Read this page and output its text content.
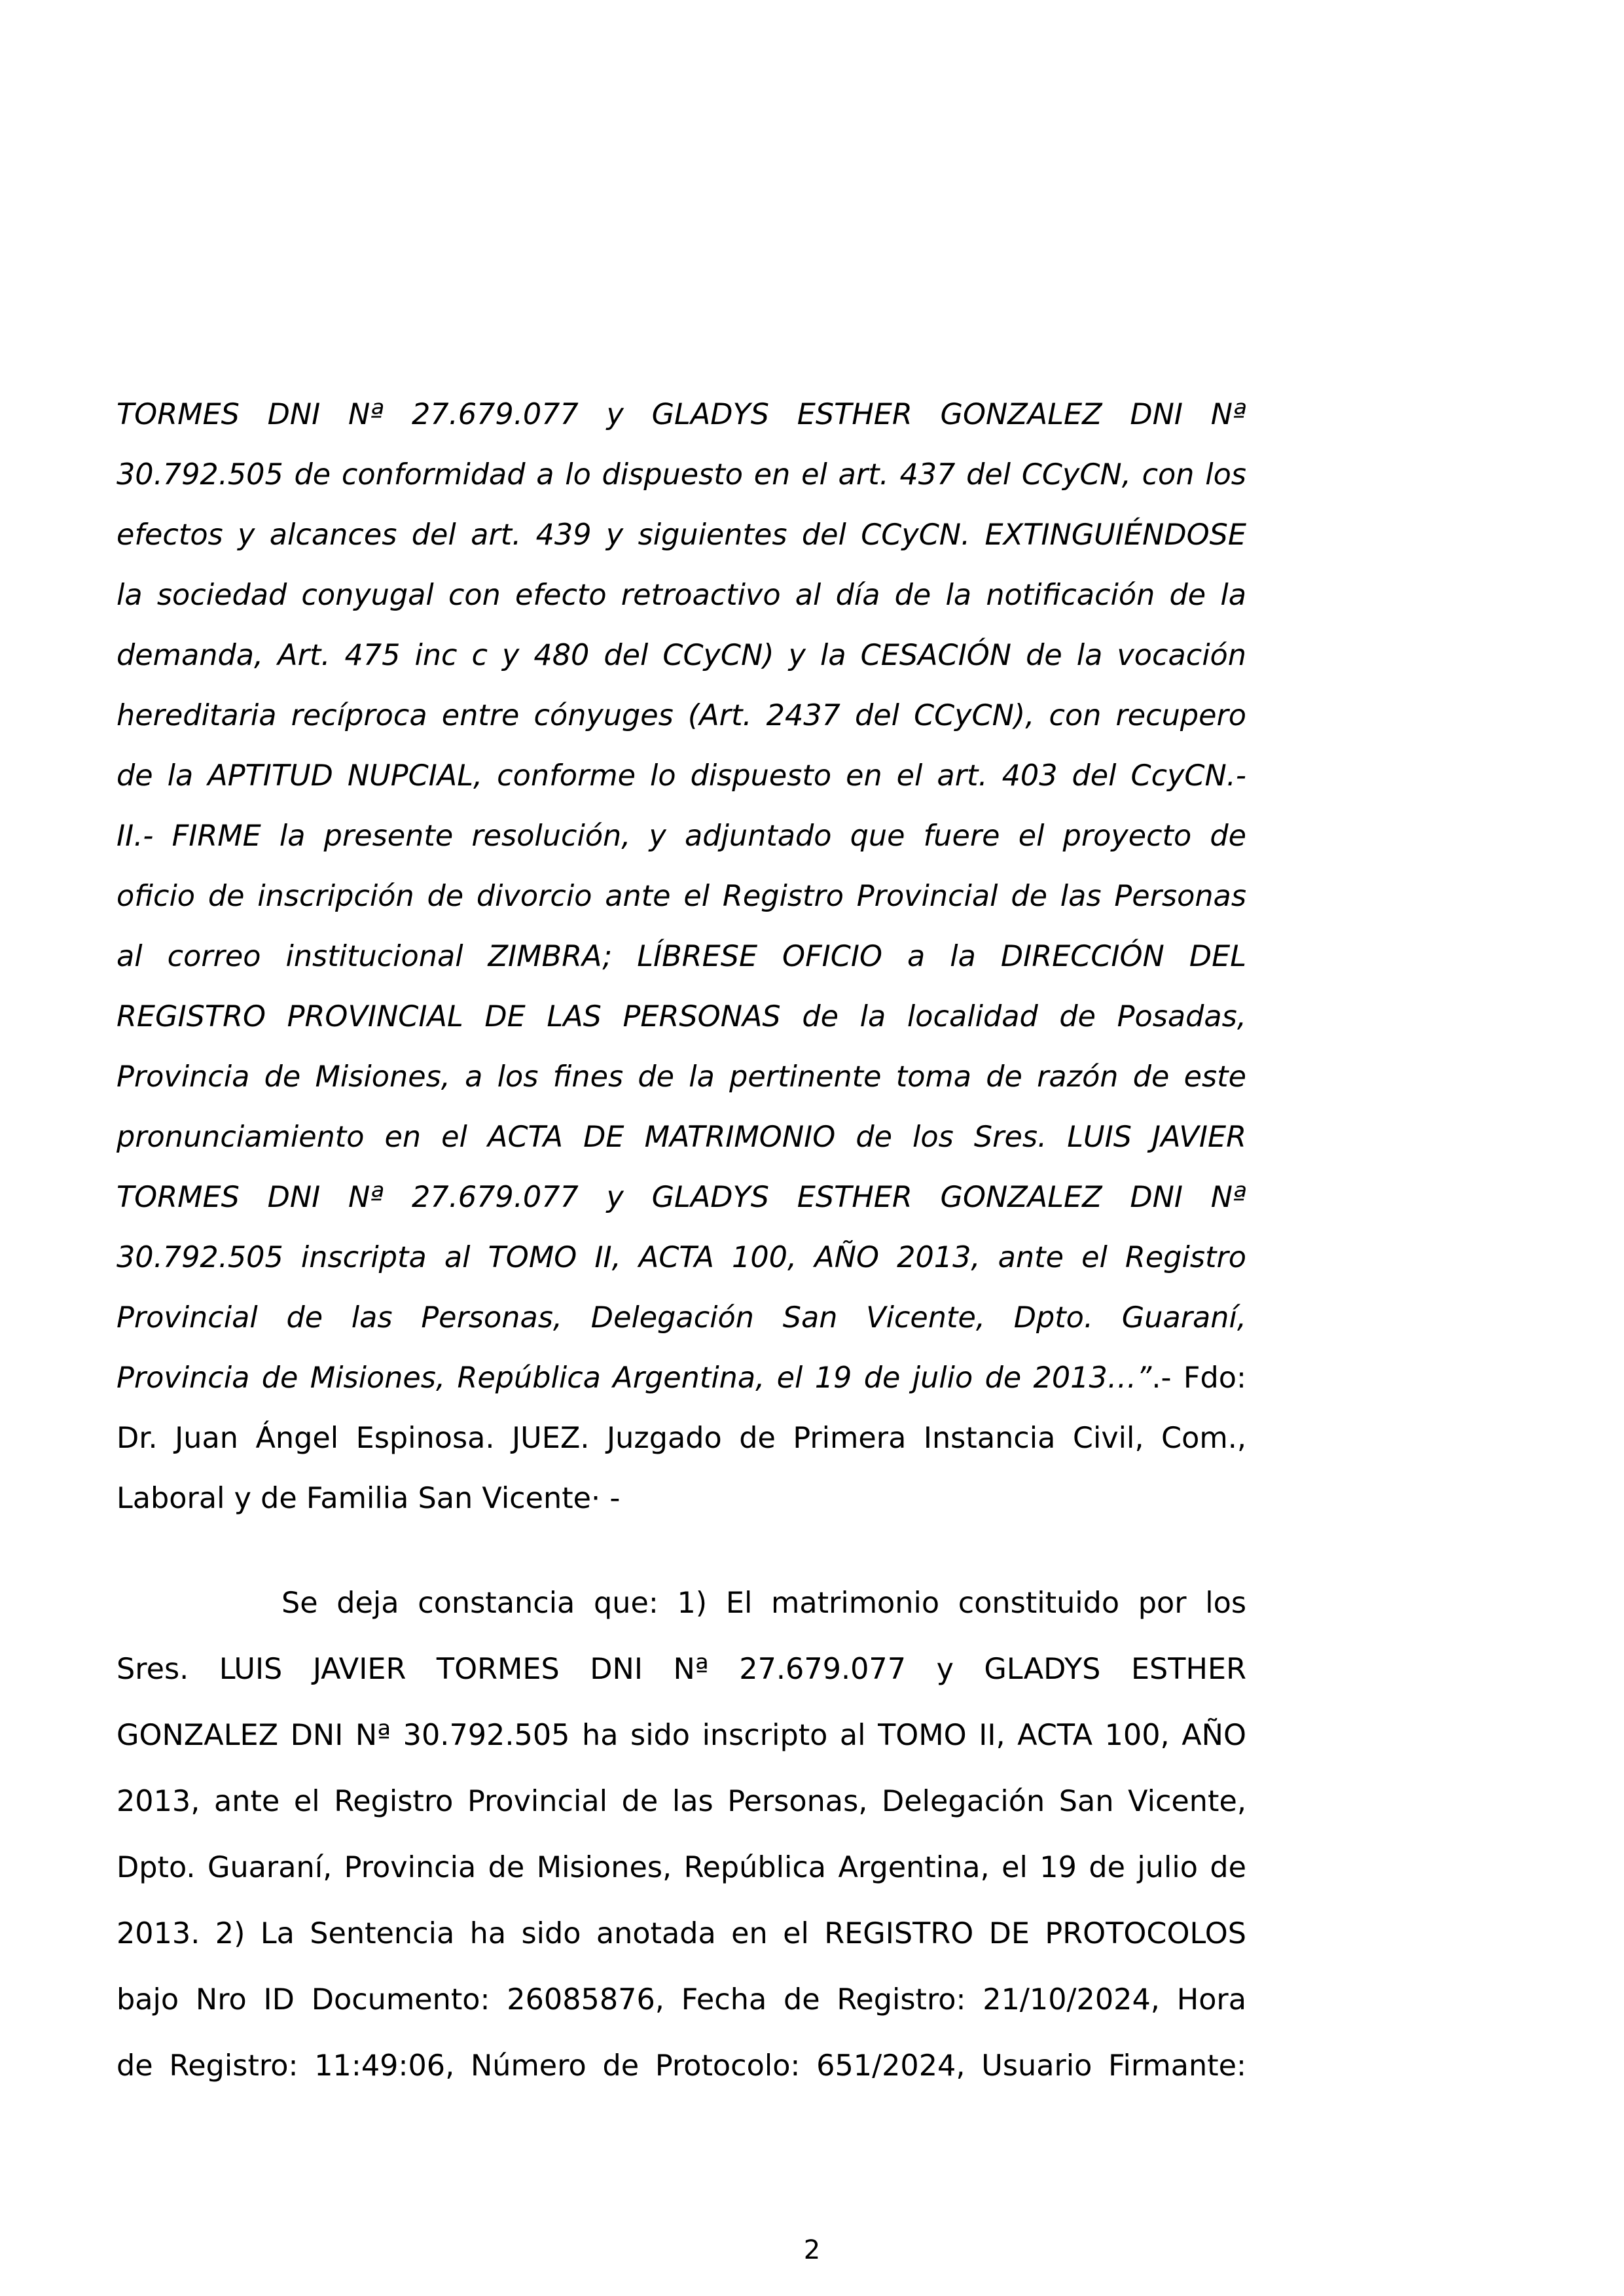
TORMES DNI Nª 27.679.077 y GLADYS ESTHER GONZALEZ DNI Nª
30.792.505 de conformidad a lo dispuesto en el art. 437 del CCyCN, con los
efectos y alcances del art. 439 y siguientes del CCyCN. EXTINGUIÉNDOSE
la sociedad conyugal con efecto retroactivo al día de la notificación de la
demanda, Art. 475 inc c y 480 del CCyCN) y la CESACIÓN de la vocación
hereditaria recíproca entre cónyuges (Art. 2437 del CCyCN), con recupero
de la APTITUD NUPCIAL, conforme lo dispuesto en el art. 403 del CcyCN.-
II.- FIRME la presente resolución, y adjuntado que fuere el proyecto de
oficio de inscripción de divorcio ante el Registro Provincial de las Personas
al correo institucional ZIMBRA; LÍBRESE OFICIO a la DIRECCIÓN DEL
REGISTRO PROVINCIAL DE LAS PERSONAS de la localidad de Posadas,
Provincia de Misiones, a los fines de la pertinente toma de razón de este
pronunciamiento en el ACTA DE MATRIMONIO de los Sres. LUIS JAVIER
TORMES DNI Nª 27.679.077 y GLADYS ESTHER GONZALEZ DNI Nª
30.792.505 inscripta al TOMO II, ACTA 100, AÑO 2013, ante el Registro
Provincial de las Personas, Delegación San Vicente, Dpto. Guaraní,
Provincia de Misiones, República Argentina, el 19 de julio de 2013…”.- Fdo:
Dr. Juan Ángel Espinosa. JUEZ. Juzgado de Primera Instancia Civil, Com.,
Laboral y de Familia San Vicente· -
Se deja constancia que: 1) El matrimonio constituido por los
Sres. LUIS JAVIER TORMES DNI Nª 27.679.077 y GLADYS ESTHER
GONZALEZ DNI Nª 30.792.505 ha sido inscripto al TOMO II, ACTA 100, AÑO
2013, ante el Registro Provincial de las Personas, Delegación San Vicente,
Dpto. Guaraní, Provincia de Misiones, República Argentina, el 19 de julio de
2013. 2) La Sentencia ha sido anotada en el REGISTRO DE PROTOCOLOS
bajo Nro ID Documento: 26085876, Fecha de Registro: 21/10/2024, Hora
de Registro: 11:49:06, Número de Protocolo: 651/2024, Usuario Firmante:
2
